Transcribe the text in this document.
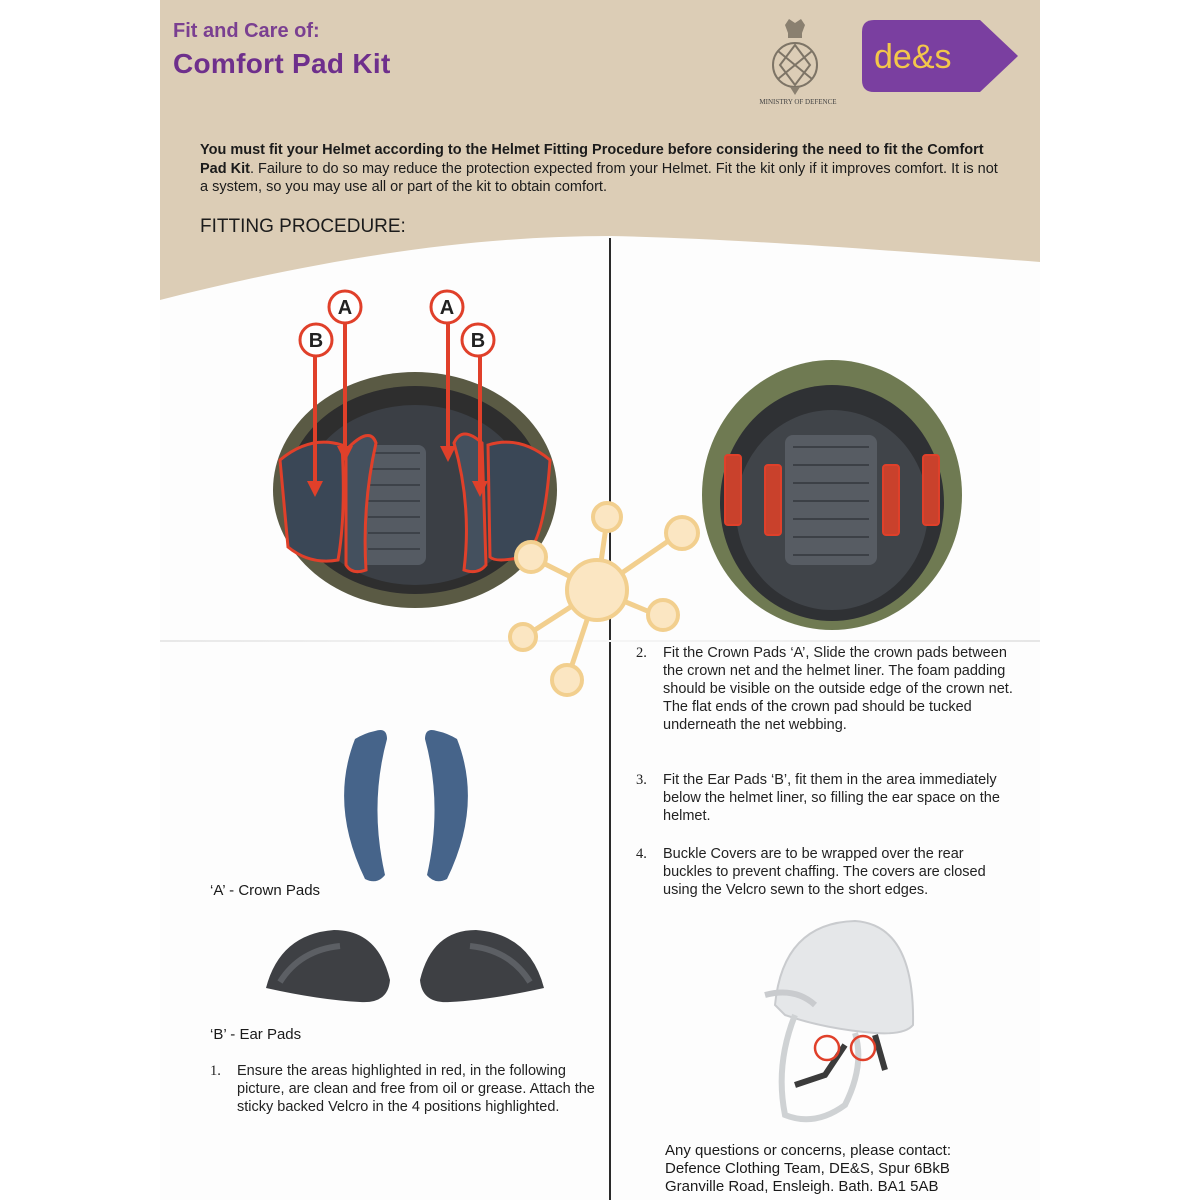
Fit and Care of:
Comfort Pad Kit
MINISTRY OF DEFENCE
de&s
You must fit your Helmet according to the Helmet Fitting Procedure before considering the need to fit the Comfort Pad Kit. Failure to do so may reduce the protection expected from your Helmet. Fit the kit only if it improves comfort. It is not a system, so you may use all or part of the kit to obtain comfort.
FITTING PROCEDURE:
B
A	A
B
‘A’ - Crown Pads
‘B’ - Ear Pads
1. Ensure the areas highlighted in red, in the following picture, are clean and free from oil or grease. Attach the sticky backed Velcro in the 4 positions highlighted.
2. Fit the Crown Pads ‘A’, Slide the crown pads between the crown net and the helmet liner. The foam padding should be visible on the outside edge of the crown net. The flat ends of the crown pad should be tucked underneath the net webbing.
3. Fit the Ear Pads ‘B’, fit them in the area immediately below the helmet liner, so filling the ear space on the helmet.
4. Buckle Covers are to be wrapped over the rear buckles to prevent chaffing. The covers are closed using the Velcro sewn to the short edges.
Any questions or concerns, please contact:
Defence Clothing Team, DE&S, Spur 6BkB
Granville Road, Ensleigh. Bath. BA1 5AB
